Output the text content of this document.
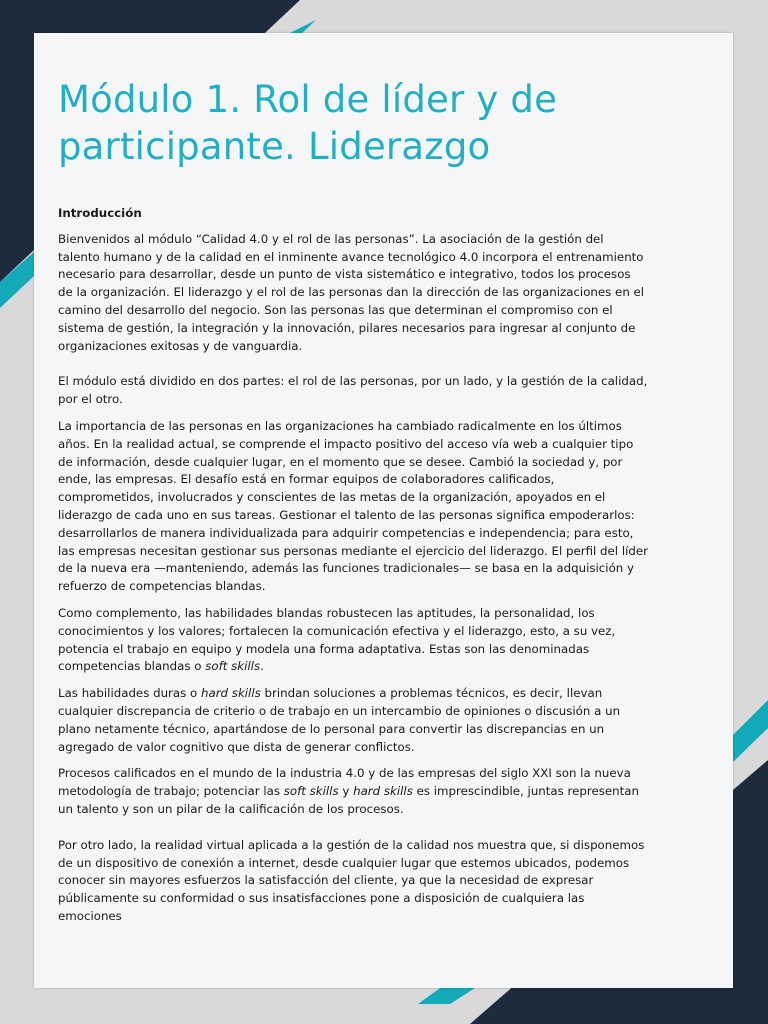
Módulo 1. Rol de líder y de participante. Liderazgo

Introducción

Bienvenidos al módulo “Calidad 4.0 y el rol de las personas”. La asociación de la gestión del talento humano y de la calidad en el inminente avance tecnológico 4.0 incorpora el entrenamiento necesario para desarrollar, desde un punto de vista sistemático e integrativo, todos los procesos de la organización. El liderazgo y el rol de las personas dan la dirección de las organizaciones en el camino del desarrollo del negocio. Son las personas las que determinan el compromiso con el sistema de gestión, la integración y la innovación, pilares necesarios para ingresar al conjunto de organizaciones exitosas y de vanguardia.

El módulo está dividido en dos partes: el rol de las personas, por un lado, y la gestión de la calidad, por el otro.

La importancia de las personas en las organizaciones ha cambiado radicalmente en los últimos años. En la realidad actual, se comprende el impacto positivo del acceso vía web a cualquier tipo de información, desde cualquier lugar, en el momento que se desee. Cambió la sociedad y, por ende, las empresas. El desafío está en formar equipos de colaboradores calificados, comprometidos, involucrados y conscientes de las metas de la organización, apoyados en el liderazgo de cada uno en sus tareas. Gestionar el talento de las personas significa empoderarlos: desarrollarlos de manera individualizada para adquirir competencias e independencia; para esto, las empresas necesitan gestionar sus personas mediante el ejercicio del liderazgo. El perfil del líder de la nueva era —manteniendo, además las funciones tradicionales— se basa en la adquisición y refuerzo de competencias blandas.

Como complemento, las habilidades blandas robustecen las aptitudes, la personalidad, los conocimientos y los valores; fortalecen la comunicación efectiva y el liderazgo, esto, a su vez, potencia el trabajo en equipo y modela una forma adaptativa. Estas son las denominadas competencias blandas o soft skills.

Las habilidades duras o hard skills brindan soluciones a problemas técnicos, es decir, llevan cualquier discrepancia de criterio o de trabajo en un intercambio de opiniones o discusión a un plano netamente técnico, apartándose de lo personal para convertir las discrepancias en un agregado de valor cognitivo que dista de generar conflictos.

Procesos calificados en el mundo de la industria 4.0 y de las empresas del siglo XXI son la nueva metodología de trabajo; potenciar las soft skills y hard skills es imprescindible, juntas representan un talento y son un pilar de la calificación de los procesos.

Por otro lado, la realidad virtual aplicada a la gestión de la calidad nos muestra que, si disponemos de un dispositivo de conexión a internet, desde cualquier lugar que estemos ubicados, podemos conocer sin mayores esfuerzos la satisfacción del cliente, ya que la necesidad de expresar públicamente su conformidad o sus insatisfacciones pone a disposición de cualquiera las emociones
